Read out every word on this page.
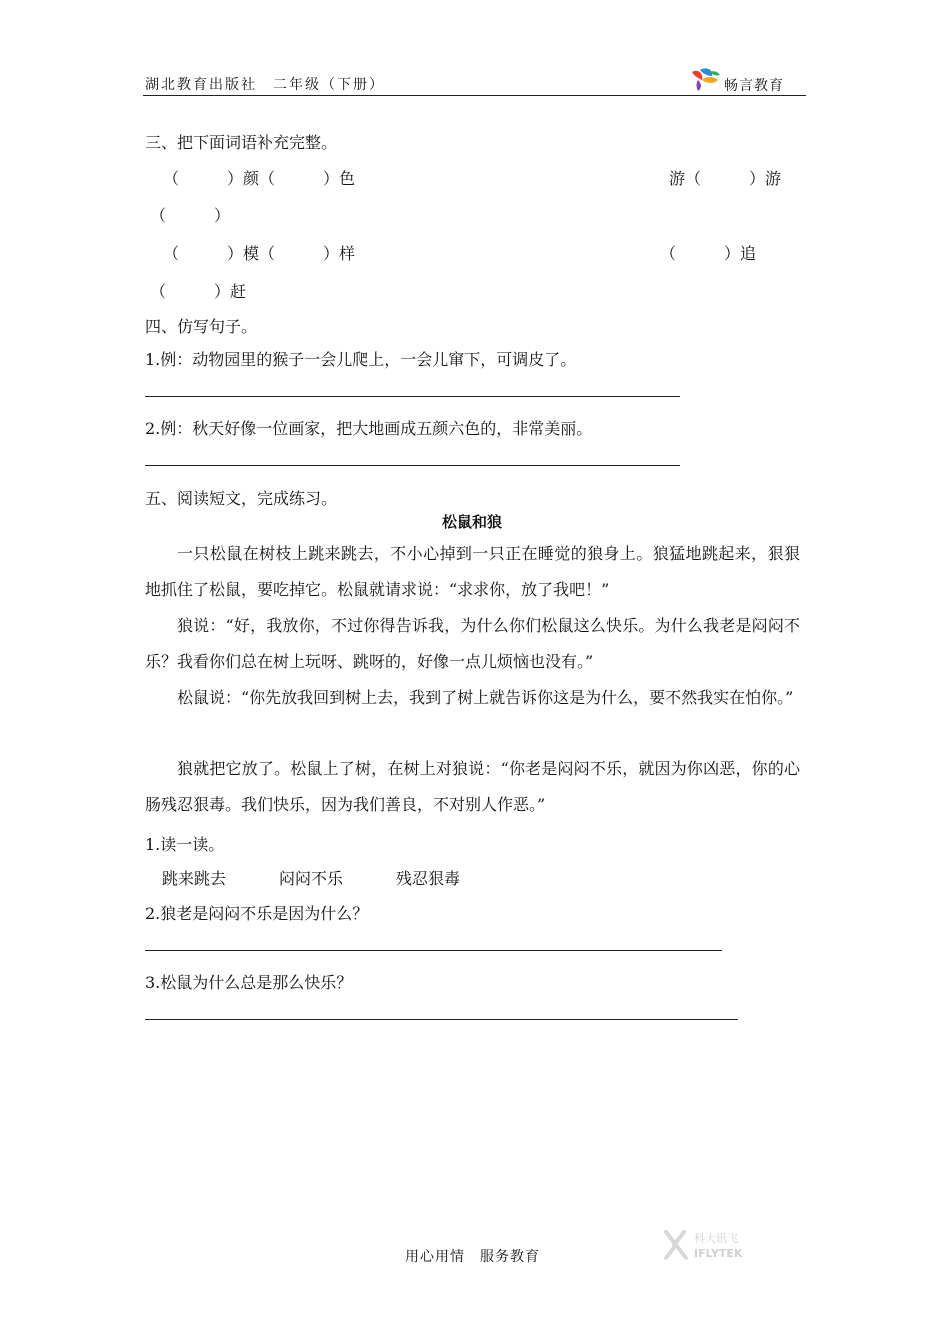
湖北教育出版社　二年级（下册）	畅言教育
三、把下面词语补充完整。
（　　　）颜（　　　）色	游（　　　）游
（　　　）
（　　　）模（　　　）样	（　　　）追
（　　　）赶
四、仿写句子。
1.例：动物园里的猴子一会儿爬上，一会儿窜下，可调皮了。
2.例：秋天好像一位画家，把大地画成五颜六色的，非常美丽。
五、阅读短文，完成练习。
松鼠和狼
一只松鼠在树枝上跳来跳去，不小心掉到一只正在睡觉的狼身上。狼猛地跳起来，狠狠地抓住了松鼠，要吃掉它。松鼠就请求说：“求求你，放了我吧！”
狼说：“好，我放你，不过你得告诉我，为什么你们松鼠这么快乐。为什么我老是闷闷不乐？我看你们总在树上玩呀、跳呀的，好像一点儿烦恼也没有。”
松鼠说：“你先放我回到树上去，我到了树上就告诉你这是为什么，要不然我实在怕你。”
狼就把它放了。松鼠上了树，在树上对狼说：“你老是闷闷不乐，就因为你凶恶，你的心肠残忍狠毒。我们快乐，因为我们善良，不对别人作恶。”
1.读一读。
跳来跳去	闷闷不乐	残忍狠毒
2.狼老是闷闷不乐是因为什么？
3.松鼠为什么总是那么快乐？
用心用情　服务教育
科大讯飞
IFLYTEK
